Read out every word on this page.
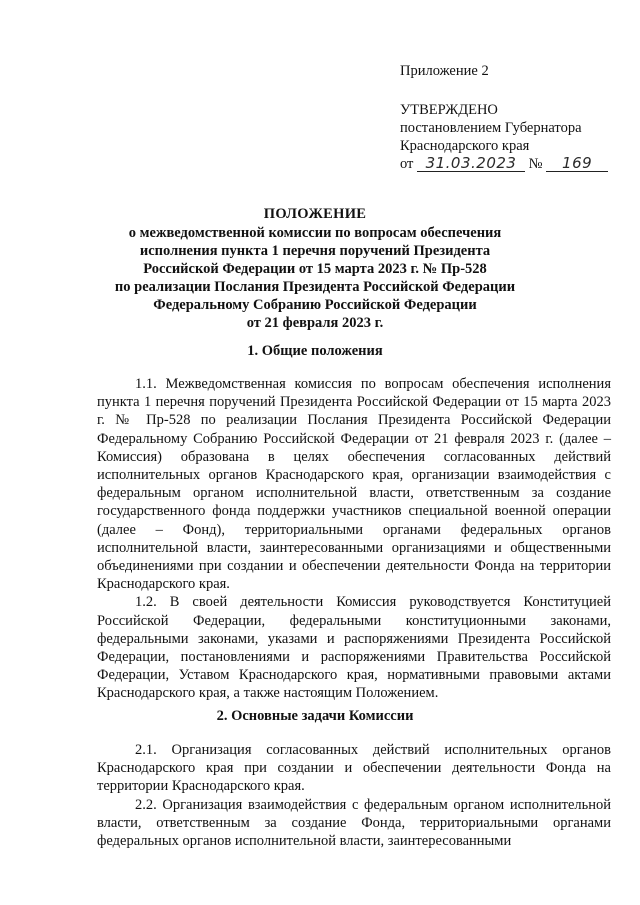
Приложение 2

УТВЕРЖДЕНО

постановлением Губернатора

Краснодарского края

от 31.03.2023 № 169

ПОЛОЖЕНИЕ

о межведомственной комиссии по вопросам обеспечения

исполнения пункта 1 перечня поручений Президента

Российской Федерации от 15 марта 2023 г. № Пр-528

по реализации Послания Президента Российской Федерации

Федеральному Собранию Российской Федерации

от 21 февраля 2023 г.

1. Общие положения

1.1. Межведомственная комиссия по вопросам обеспечения исполнения пункта 1 перечня поручений Президента Российской Федерации от 15 марта 2023 г. № Пр-528 по реализации Послания Президента Российской Федерации Федеральному Собранию Российской Федерации от 21 февраля 2023 г. (далее – Комиссия) образована в целях обеспечения согласованных действий исполнительных органов Краснодарского края, организации взаимодействия с федеральным органом исполнительной власти, ответственным за создание государственного фонда поддержки участников специальной военной операции (далее – Фонд), территориальными органами федеральных органов исполнительной власти, заинтересованными организациями и общественными объединениями при создании и обеспечении деятельности Фонда на территории Краснодарского края.

1.2. В своей деятельности Комиссия руководствуется Конституцией Российской Федерации, федеральными конституционными законами, федеральными законами, указами и распоряжениями Президента Российской Федерации, постановлениями и распоряжениями Правительства Российской Федерации, Уставом Краснодарского края, нормативными правовыми актами Краснодарского края, а также настоящим Положением.

2. Основные задачи Комиссии

2.1. Организация согласованных действий исполнительных органов Краснодарского края при создании и обеспечении деятельности Фонда на территории Краснодарского края.

2.2. Организация взаимодействия с федеральным органом исполнительной власти, ответственным за создание Фонда, территориальными органами федеральных органов исполнительной власти, заинтересованными
